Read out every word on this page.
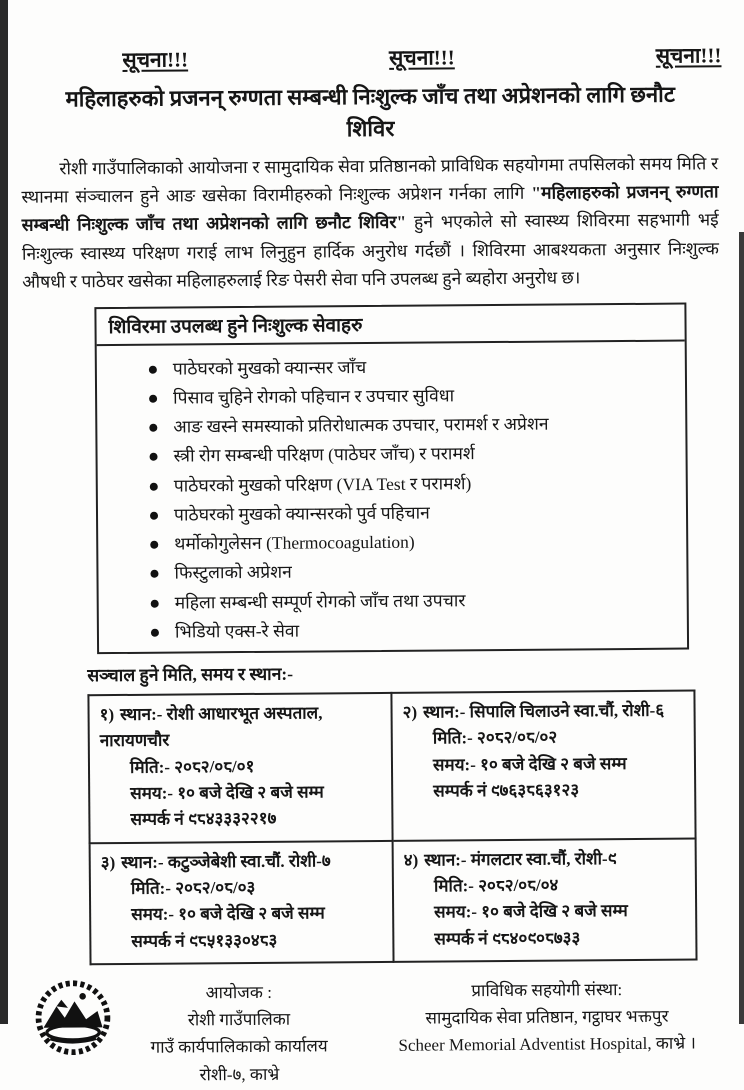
सूचना!!!	सूचना!!!	सूचना!!!
महिलाहरुको प्रजनन् रुग्णता सम्बन्धी निःशुल्क जाँच तथा अप्रेशनको लागि छनौट
शिविर

रोशी गाउँपालिकाको आयोजना र सामुदायिक सेवा प्रतिष्ठानको प्राविधिक सहयोगमा तपसिलको समय मिति र स्थानमा संञ्चालन हुने आङ खसेका विरामीहरुको निःशुल्क अप्रेशन गर्नका लागि "महिलाहरुको प्रजनन् रुग्णता सम्बन्धी निःशुल्क जाँच तथा अप्रेशनको लागि छनौट शिविर" हुने भएकोले सो स्वास्थ्य शिविरमा सहभागी भई निःशुल्क स्वास्थ्य परिक्षण गराई लाभ लिनुहुन हार्दिक अनुरोध गर्दछौं । शिविरमा आबश्यकता अनुसार निःशुल्क औषधी र पाठेघर खसेका महिलाहरुलाई रिङ पेसरी सेवा पनि उपलब्ध हुने ब्यहोरा अनुरोध छ।

शिविरमा उपलब्ध हुने निःशुल्क सेवाहरु
पाठेघरको मुखको क्यान्सर जाँच
पिसाव चुहिने रोगको पहिचान र उपचार सुविधा
आङ खस्ने समस्याको प्रतिरोधात्मक उपचार, परामर्श र अप्रेशन
स्त्री रोग सम्बन्धी परिक्षण (पाठेघर जाँच) र परामर्श
पाठेघरको मुखको परिक्षण (VIA Test र परामर्श)
पाठेघरको मुखको क्यान्सरको पुर्व पहिचान
थर्मोकोगुलेसन (Thermocoagulation)
फिस्टुलाको अप्रेशन
महिला सम्बन्धी सम्पूर्ण रोगको जाँच तथा उपचार
भिडियो एक्स-रे सेवा
सञ्चाल हुने मिति, समय र स्थान:-
१) स्थान:- रोशी आधारभूत अस्पताल, नारायणचौर
मिति:- २०८२/०८/०१
समय:- १० बजे देखि २ बजे सम्म
सम्पर्क नं ९८४३३३२२१७

२) स्थान:- सिपालि चिलाउने स्वा.चौं, रोशी-६
मिति:- २०८२/०८/०२
समय:- १० बजे देखि २ बजे सम्म
सम्पर्क नं ९७६३८६३१२३

३) स्थान:- कटुञ्जेबेशी स्वा.चौं. रोशी-७
मिति:- २०८२/०८/०३
समय:- १० बजे देखि २ बजे सम्म
सम्पर्क नं ९८५१३३०४८३

४) स्थान:- मंगलटार स्वा.चौं, रोशी-९
मिति:- २०८२/०८/०४
समय:- १० बजे देखि २ बजे सम्म
सम्पर्क नं ९८४०९०८७३३
आयोजक :
रोशी गाउँपालिका
गाउँ कार्यपालिकाको कार्यालय
रोशी-७, काभ्रे
प्राविधिक सहयोगी संस्था:
सामुदायिक सेवा प्रतिष्ठान, गट्ठाघर भक्तपुर
Scheer Memorial Adventist Hospital, काभ्रे ।
